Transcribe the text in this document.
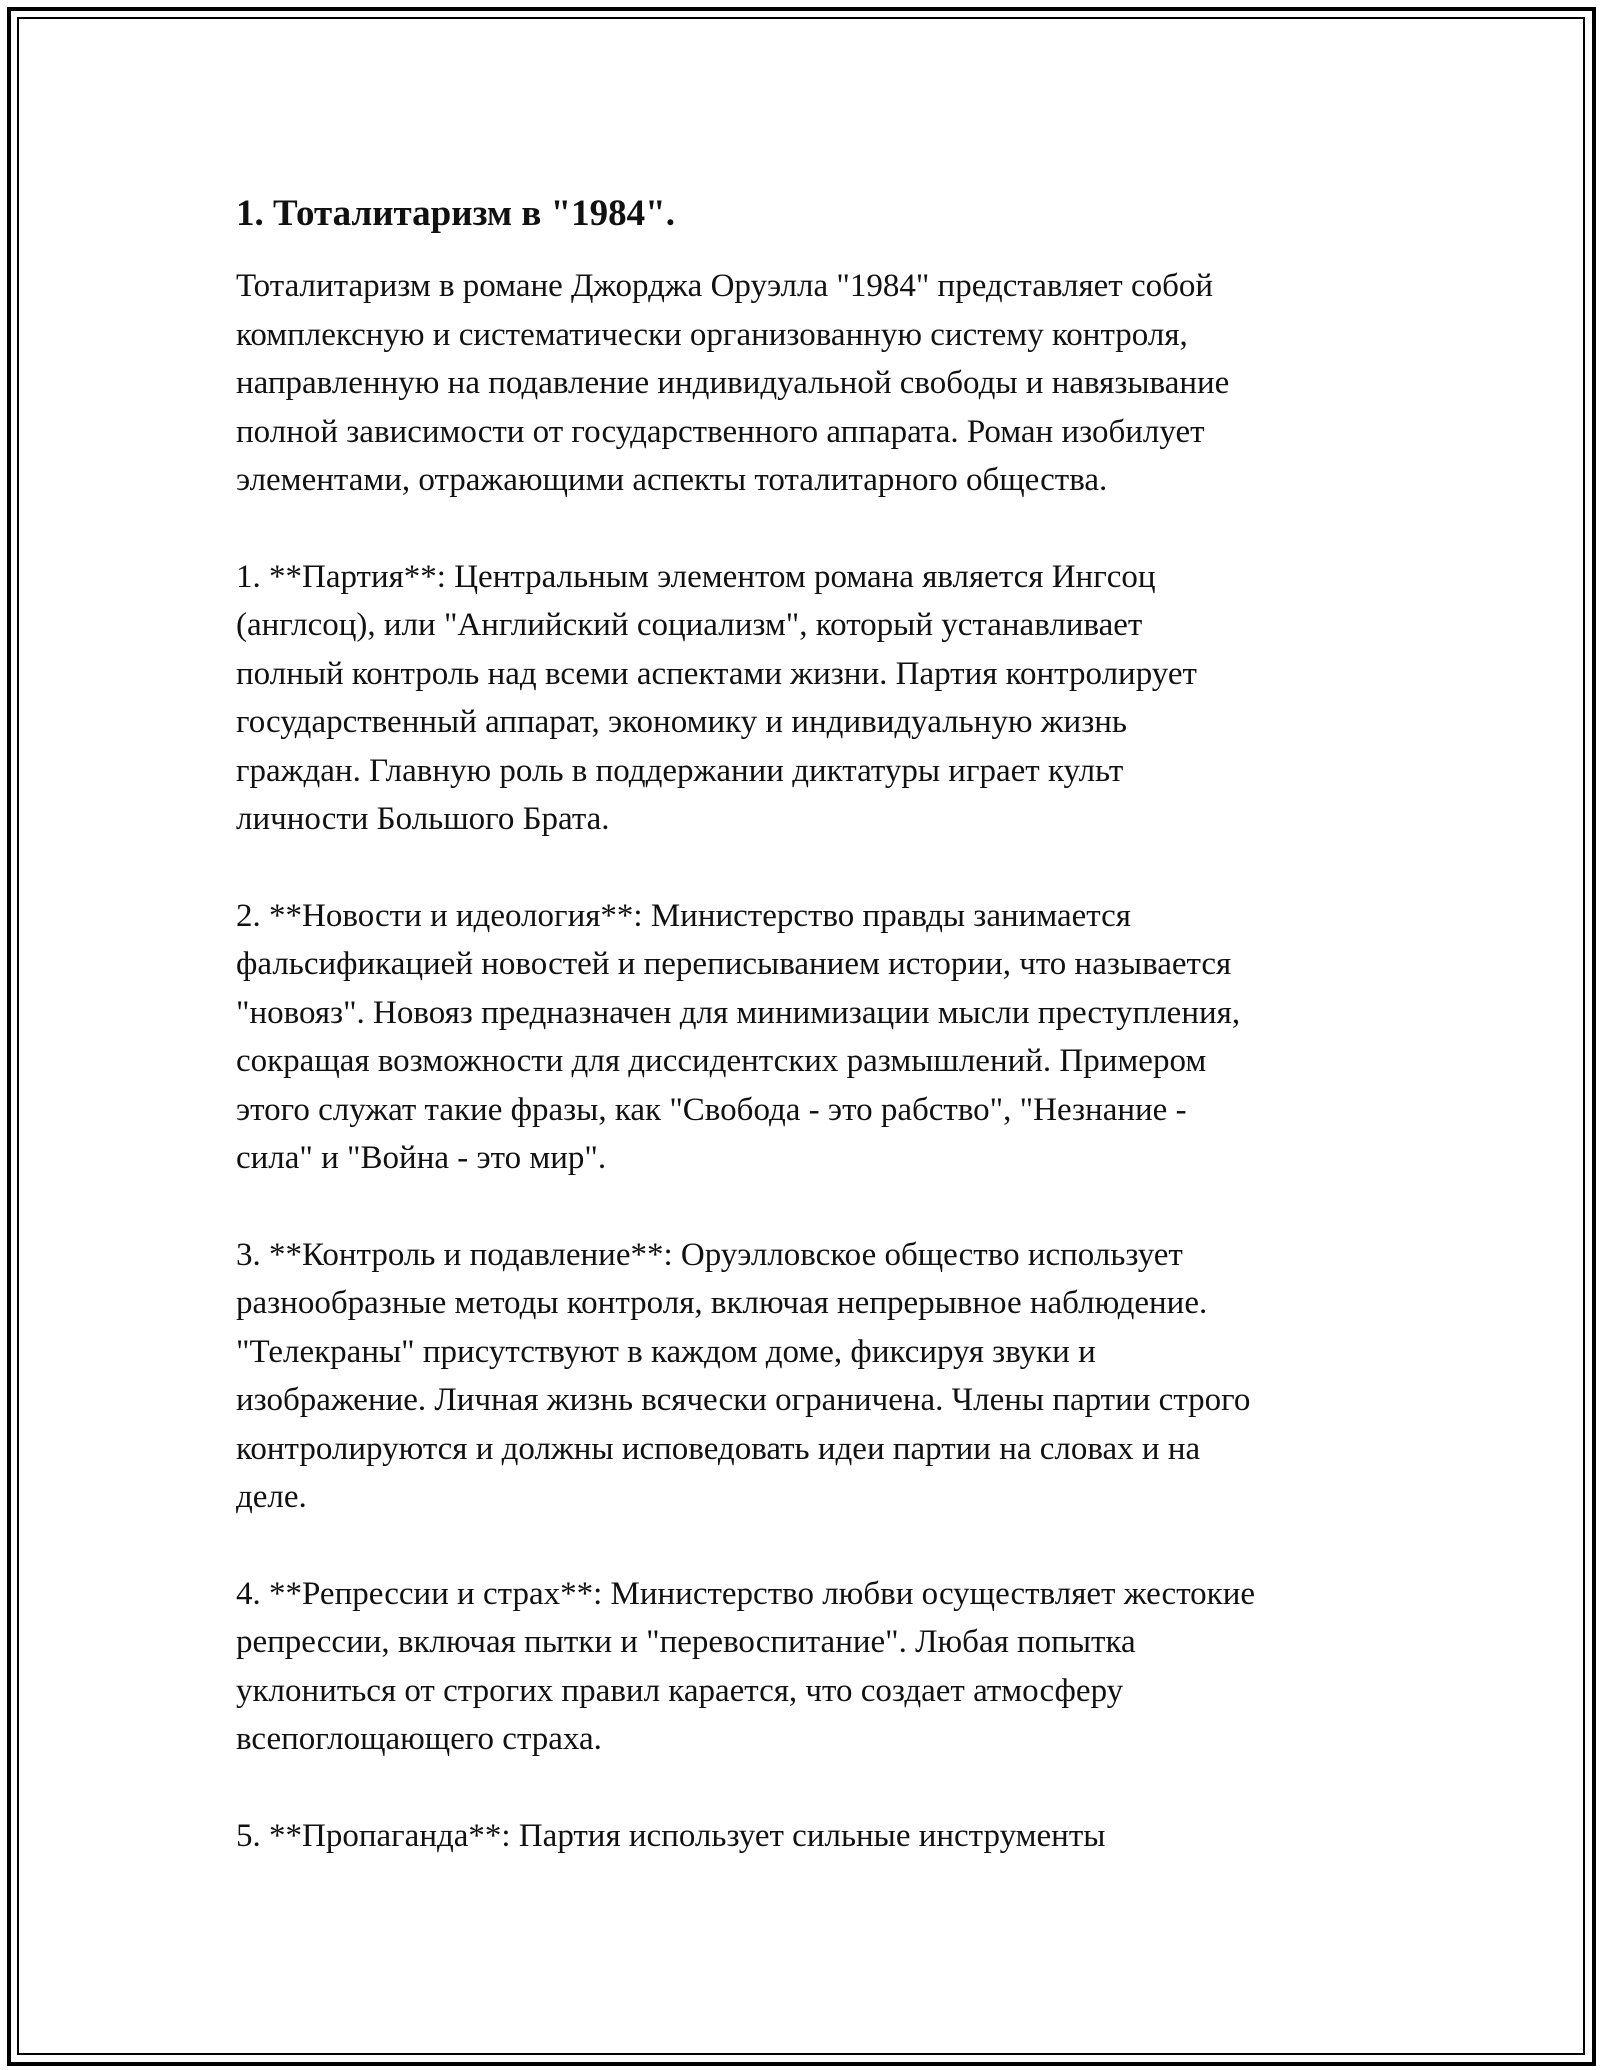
1. Тоталитаризм в "1984".
Тоталитаризм в романе Джорджа Оруэлла "1984" представляет собой
комплексную и систематически организованную систему контроля,
направленную на подавление индивидуальной свободы и навязывание
полной зависимости от государственного аппарата. Роман изобилует
элементами, отражающими аспекты тоталитарного общества.
1. **Партия**: Центральным элементом романа является Ингсоц
(англсоц), или "Английский социализм", который устанавливает
полный контроль над всеми аспектами жизни. Партия контролирует
государственный аппарат, экономику и индивидуальную жизнь
граждан. Главную роль в поддержании диктатуры играет культ
личности Большого Брата.
2. **Новости и идеология**: Министерство правды занимается
фальсификацией новостей и переписыванием истории, что называется
"новояз". Новояз предназначен для минимизации мысли преступления,
сокращая возможности для диссидентских размышлений. Примером
этого служат такие фразы, как "Свобода - это рабство", "Незнание -
сила" и "Война - это мир".
3. **Контроль и подавление**: Оруэлловское общество использует
разнообразные методы контроля, включая непрерывное наблюдение.
"Телекраны" присутствуют в каждом доме, фиксируя звуки и
изображение. Личная жизнь всячески ограничена. Члены партии строго
контролируются и должны исповедовать идеи партии на словах и на
деле.
4. **Репрессии и страх**: Министерство любви осуществляет жестокие
репрессии, включая пытки и "перевоспитание". Любая попытка
уклониться от строгих правил карается, что создает атмосферу
всепоглощающего страха.
5. **Пропаганда**: Партия использует сильные инструменты
